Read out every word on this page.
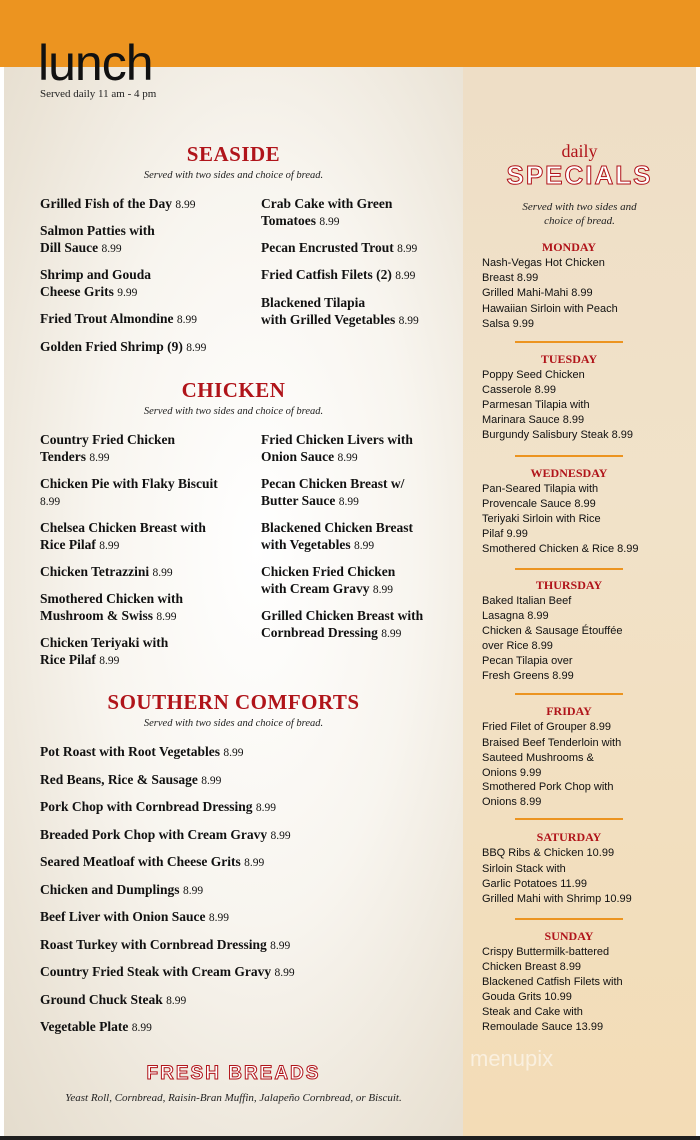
lunch
Served daily 11 am - 4 pm
SEASIDE
Served with two sides and choice of bread.
Grilled Fish of the Day 8.99
Salmon Patties with
Dill Sauce 8.99
Shrimp and Gouda
Cheese Grits 9.99
Fried Trout Almondine 8.99
Golden Fried Shrimp (9) 8.99
Crab Cake with Green
Tomatoes 8.99
Pecan Encrusted Trout 8.99
Fried Catfish Filets (2) 8.99
Blackened Tilapia
with Grilled Vegetables 8.99
CHICKEN
Served with two sides and choice of bread.
Country Fried Chicken
Tenders 8.99
Chicken Pie with Flaky Biscuit
8.99
Chelsea Chicken Breast with
Rice Pilaf 8.99
Chicken Tetrazzini 8.99
Smothered Chicken with
Mushroom & Swiss 8.99
Chicken Teriyaki with
Rice Pilaf 8.99
Fried Chicken Livers with
Onion Sauce 8.99
Pecan Chicken Breast w/
Butter Sauce 8.99
Blackened Chicken Breast
with Vegetables 8.99
Chicken Fried Chicken
with Cream Gravy 8.99
Grilled Chicken Breast with
Cornbread Dressing 8.99
SOUTHERN COMFORTS
Served with two sides and choice of bread.
Pot Roast with Root Vegetables 8.99
Red Beans, Rice & Sausage 8.99
Pork Chop with Cornbread Dressing 8.99
Breaded Pork Chop with Cream Gravy 8.99
Seared Meatloaf with Cheese Grits 8.99
Chicken and Dumplings 8.99
Beef Liver with Onion Sauce 8.99
Roast Turkey with Cornbread Dressing 8.99
Country Fried Steak with Cream Gravy 8.99
Ground Chuck Steak 8.99
Vegetable Plate 8.99
FRESH BREADS
Yeast Roll, Cornbread, Raisin-Bran Muffin, Jalapeño Cornbread, or Biscuit.
daily
SPECIALS
Served with two sides and
choice of bread.
MONDAY
Nash-Vegas Hot Chicken
Breast 8.99
Grilled Mahi-Mahi 8.99
Hawaiian Sirloin with Peach
Salsa 9.99
TUESDAY
Poppy Seed Chicken
Casserole 8.99
Parmesan Tilapia with
Marinara Sauce 8.99
Burgundy Salisbury Steak 8.99
WEDNESDAY
Pan-Seared Tilapia with
Provencale Sauce 8.99
Teriyaki Sirloin with Rice
Pilaf 9.99
Smothered Chicken & Rice 8.99
THURSDAY
Baked Italian Beef
Lasagna 8.99
Chicken & Sausage Étouffée
over Rice 8.99
Pecan Tilapia over
Fresh Greens 8.99
FRIDAY
Fried Filet of Grouper 8.99
Braised Beef Tenderloin with
Sauteed Mushrooms &
Onions 9.99
Smothered Pork Chop with
Onions 8.99
SATURDAY
BBQ Ribs & Chicken 10.99
Sirloin Stack with
Garlic Potatoes 11.99
Grilled Mahi with Shrimp 10.99
SUNDAY
Crispy Buttermilk-battered
Chicken Breast 8.99
Blackened Catfish Filets with
Gouda Grits 10.99
Steak and Cake with
Remoulade Sauce 13.99
menupix
